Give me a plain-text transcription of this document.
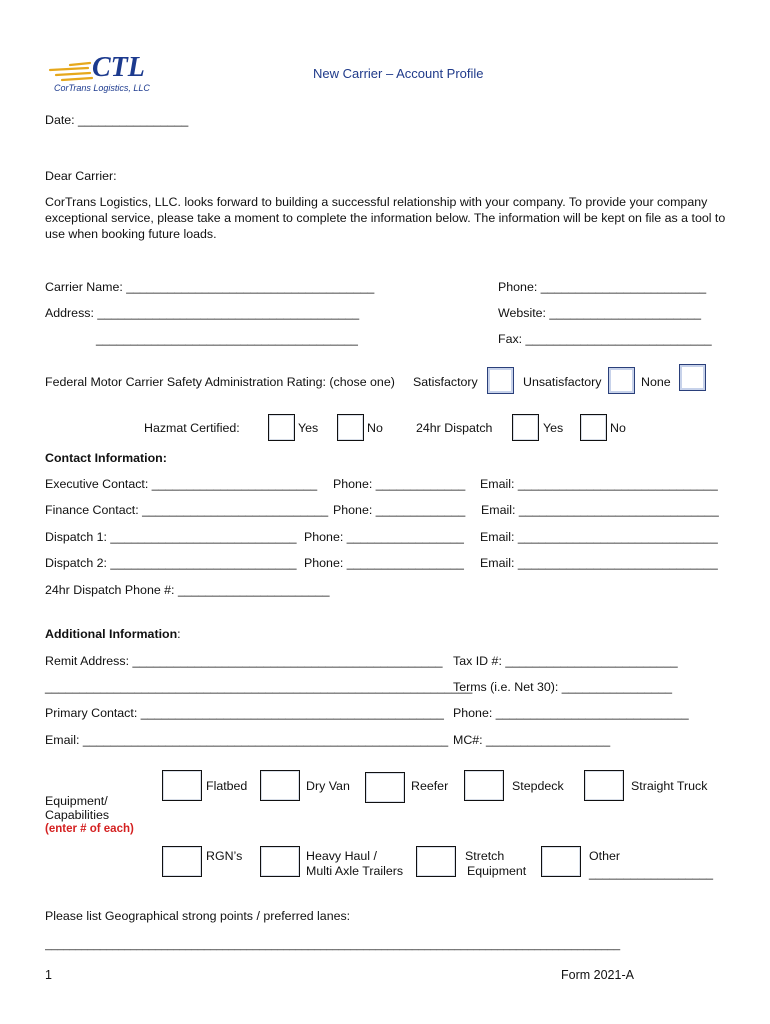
CTL
CorTrans Logistics, LLC
New Carrier – Account Profile
Date: ________________
Dear Carrier:
CorTrans Logistics, LLC. looks forward to building a successful relationship with your company. To provide your company exceptional service, please take a moment to complete the information below. The information will be kept on file as a tool to use when booking future loads.
Carrier Name: ____________________________________	Phone: ________________________
Address: ______________________________________	Website: ______________________
______________________________________	Fax: ___________________________
Federal Motor Carrier Safety Administration Rating: (chose one) Satisfactory	Unsatisfactory	None
Hazmat Certified:	Yes	No	24hr Dispatch	Yes	No
Contact Information:
Executive Contact: ________________________ Phone: _____________ Email: _____________________________
Finance Contact: ___________________________ Phone: _____________ Email: _____________________________
Dispatch 1: ___________________________ Phone: _________________ Email: _____________________________
Dispatch 2: ___________________________ Phone: _________________ Email: _____________________________
24hr Dispatch Phone #: ______________________
Additional Information:
Remit Address: _____________________________________________ Tax ID #: _________________________
______________________________________________________________
Terms (i.e. Net 30): ________________
Primary Contact: ____________________________________________ Phone: ____________________________
Email: _____________________________________________________ MC#: __________________
Flatbed	Dry Van	Reefer	Stepdeck	Straight Truck
Equipment/
Capabilities
(enter # of each)
RGN’s	Heavy Haul /
Multi Axle Trailers
Stretch
Equipment
Other
__________________
Please list Geographical strong points / preferred lanes:
______________________________________________________________________________________________
1	Form 2021-A
